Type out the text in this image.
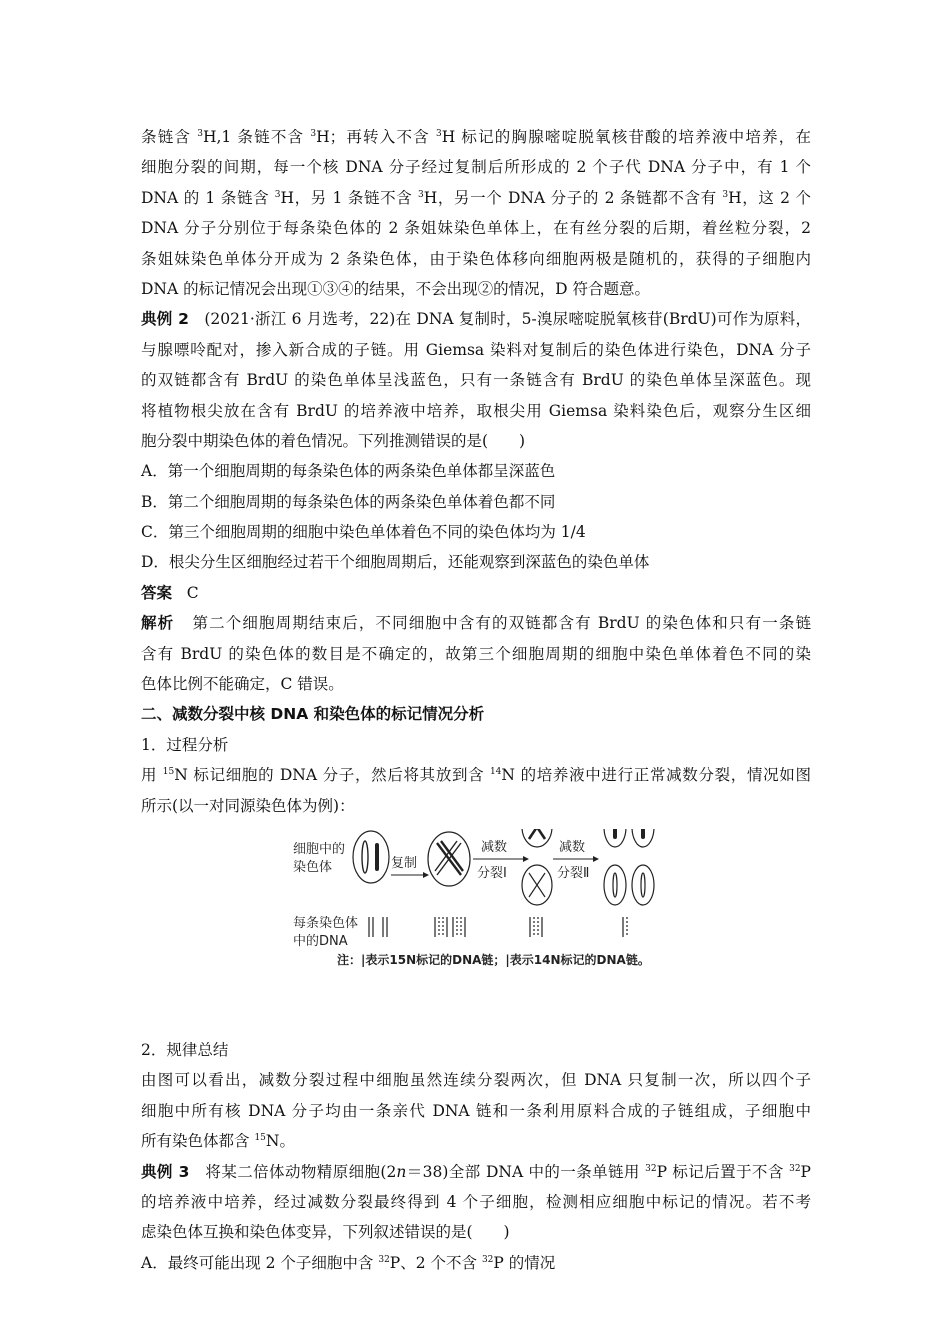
条链含 $^3$H,1 条链不含 $^3$H；再转入不含 $^3$H 标记的胸腺嘧啶脱氧核苷酸的培养液中培养，在
细胞分裂的间期，每一个核 DNA 分子经过复制后所形成的 2 个子代 DNA 分子中，有 1 个
DNA 的 1 条链含 $^3$H，另 1 条链不含 $^3$H，另一个 DNA 分子的 2 条链都不含有 $^3$H，这 2 个
DNA 分子分别位于每条染色体的 2 条姐妹染色单体上，在有丝分裂的后期，着丝粒分裂，2
条姐妹染色单体分开成为 2 条染色体，由于染色体移向细胞两极是随机的，获得的子细胞内
DNA 的标记情况会出现①③④的结果，不会出现②的情况，D 符合题意。
典例 2 (2021·浙江 6 月选考，22)在 DNA 复制时，5-溴尿嘧啶脱氧核苷(BrdU)可作为原料，
与腺嘌呤配对，掺入新合成的子链。用 Giemsa 染料对复制后的染色体进行染色，DNA 分子
的双链都含有 BrdU 的染色单体呈浅蓝色，只有一条链含有 BrdU 的染色单体呈深蓝色。现
将植物根尖放在含有 BrdU 的培养液中培养，取根尖用 Giemsa 染料染色后，观察分生区细
胞分裂中期染色体的着色情况。下列推测错误的是(　　)
A．第一个细胞周期的每条染色体的两条染色单体都呈深蓝色
B．第二个细胞周期的每条染色体的两条染色单体着色都不同
C．第三个细胞周期的细胞中染色单体着色不同的染色体均为 1/4
D．根尖分生区细胞经过若干个细胞周期后，还能观察到深蓝色的染色单体
答案 C
解析 第二个细胞周期结束后，不同细胞中含有的双链都含有 BrdU 的染色体和只有一条链
含有 BrdU 的染色体的数目是不确定的，故第三个细胞周期的细胞中染色单体着色不同的染
色体比例不能确定，C 错误。
二、减数分裂中核 DNA 和染色体的标记情况分析
1．过程分析
用 $^{15}$N 标记细胞的 DNA 分子，然后将其放到含 $^{14}$N 的培养液中进行正常减数分裂，情况如图
所示(以一对同源染色体为例)：
细胞中的
染色体	复制
减数
分裂Ⅰ
减数
分裂Ⅱ
每条染色体
中的DNA
注：|表示15N标记的DNA链；|表示14N标记的DNA链。
2．规律总结
由图可以看出，减数分裂过程中细胞虽然连续分裂两次，但 DNA 只复制一次，所以四个子
细胞中所有核 DNA 分子均由一条亲代 DNA 链和一条利用原料合成的子链组成，子细胞中
所有染色体都含 $^{15}$N。
典例 3 将某二倍体动物精原细胞(2n＝38)全部 DNA 中的一条单链用 $^{32}$P 标记后置于不含 $^{32}$P
的培养液中培养，经过减数分裂最终得到 4 个子细胞，检测相应细胞中标记的情况。若不考
虑染色体互换和染色体变异，下列叙述错误的是(　　)
A．最终可能出现 2 个子细胞中含 $^{32}$P、2 个不含 $^{32}$P 的情况
